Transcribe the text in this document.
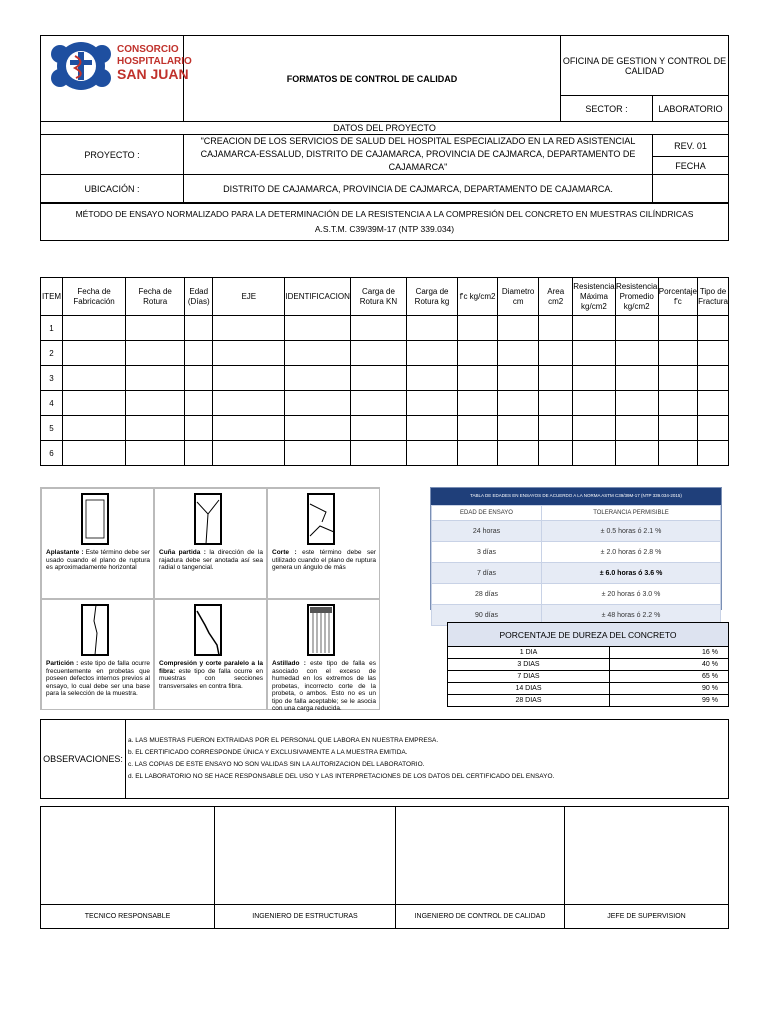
CONSORCIO
HOSPITALARIO
SAN JUAN	FORMATOS DE CONTROL DE CALIDAD	OFICINA DE GESTION Y CONTROL DE CALIDAD	
		SECTOR :	LABORATORIO
DATOS DEL PROYECTO			
PROYECTO :	"CREACION DE LOS SERVICIOS DE SALUD DEL HOSPITAL ESPECIALIZADO EN LA RED ASISTENCIAL CAJAMARCA-ESSALUD, DISTRITO DE CAJAMARCA, PROVINCIA DE CAJMARCA, DEPARTAMENTO DE CAJAMARCA"		REV. 01
			FECHA
UBICACIÓN :	DISTRITO DE CAJAMARCA, PROVINCIA DE CAJMARCA, DEPARTAMENTO DE CAJAMARCA.		
MÉTODO DE ENSAYO NORMALIZADO PARA LA DETERMINACIÓN DE LA RESISTENCIA A LA COMPRESIÓN DEL CONCRETO EN MUESTRAS CILÍNDRICAS
A.S.T.M. C39/39M-17 (NTP 339.034)
ITEM	Fecha de Fabricación	Fecha de Rotura	Edad (Días)	EJE	IDENTIFICACION	Carga de Rotura KN	Carga de Rotura kg	f'c kg/cm2	Diametro cm	Area cm2	Resistencia Máxima kg/cm2	Resistencia Promedio kg/cm2	Porcentaje f'c	Tipo de Fractura
1														
2														
3														
4														
5														
6														
Aplastante : Este término debe ser usado cuando el plano de ruptura es aproximadamente horizontal
Cuña partida : la dirección de la rajadura debe ser anotada así sea radial o tangencial.
Corte : este término debe ser utilizado cuando el plano de ruptura genera un ángulo de más
Partición : este tipo de falla ocurre frecuentemente en probetas que poseen defectos internos previos al ensayo, lo cual debe ser una base para la selección de la muestra.
Compresión y corte paralelo a la fibra: este tipo de falla ocurre en muestras con secciones transversales en contra fibra.
Astillado : este tipo de falla es asociado con el exceso de humedad en los extremos de las probetas, incorrecto corte de la probeta, o ambos. Esto no es un tipo de falla aceptable; se le asocia con una carga reducida.
TABLA DE EDADES EN ENSAYOS DE ACUERDO A LA NORMA ASTM C39/39M-17 (NTP 339.034-2015)
EDAD DE ENSAYO	TOLERANCIA PERMISIBLE
24 horas	± 0.5 horas ó 2.1 %
3 días	± 2.0 horas ó 2.8 %
7 días	± 6.0 horas ó 3.6 %
28 días	± 20 horas ó 3.0 %
90 días	± 48 horas ó 2.2 %
PORCENTAJE DE DUREZA DEL CONCRETO	
1 DIA	16 %
3 DIAS	40 %
7 DIAS	65 %
14 DIAS	90 %
28 DIAS	99 %
OBSERVACIONES:	
a. LAS MUESTRAS FUERON EXTRAIDAS POR EL PERSONAL QUE LABORA EN NUESTRA EMPRESA.
b. EL CERTIFICADO CORRESPONDE ÚNICA Y EXCLUSIVAMENTE A LA MUESTRA EMITIDA.
c. LAS COPIAS DE ESTE ENSAYO NO SON VALIDAS SIN LA AUTORIZACION DEL LABORATORIO.
d. EL LABORATORIO NO SE HACE RESPONSABLE DEL USO Y LAS INTERPRETACIONES DE LOS DATOS DEL CERTIFICADO DEL ENSAYO.

TECNICO RESPONSABLE	INGENIERO DE ESTRUCTURAS	INGENIERO DE CONTROL DE CALIDAD	JEFE DE SUPERVISION
